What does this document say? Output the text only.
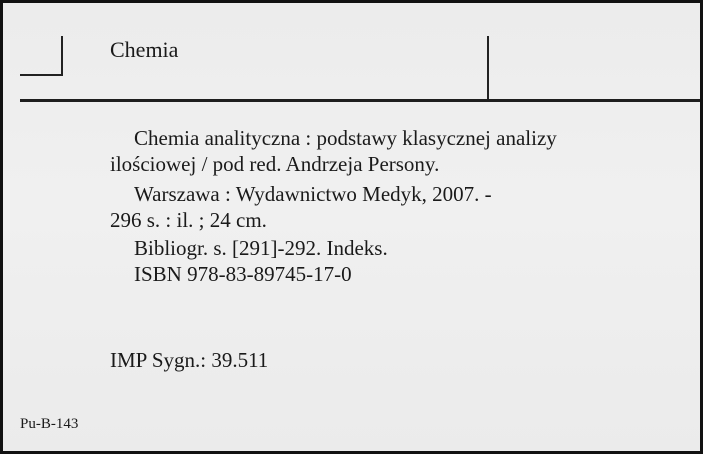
Chemia
Chemia analityczna : podstawy klasycznej analizy
ilościowej / pod red. Andrzeja Persony.
Warszawa : Wydawnictwo Medyk, 2007. -
296 s. : il. ; 24 cm.
Bibliogr. s. [291]-292. Indeks.
ISBN 978-83-89745-17-0
IMP Sygn.: 39.511
Pu-B-143
